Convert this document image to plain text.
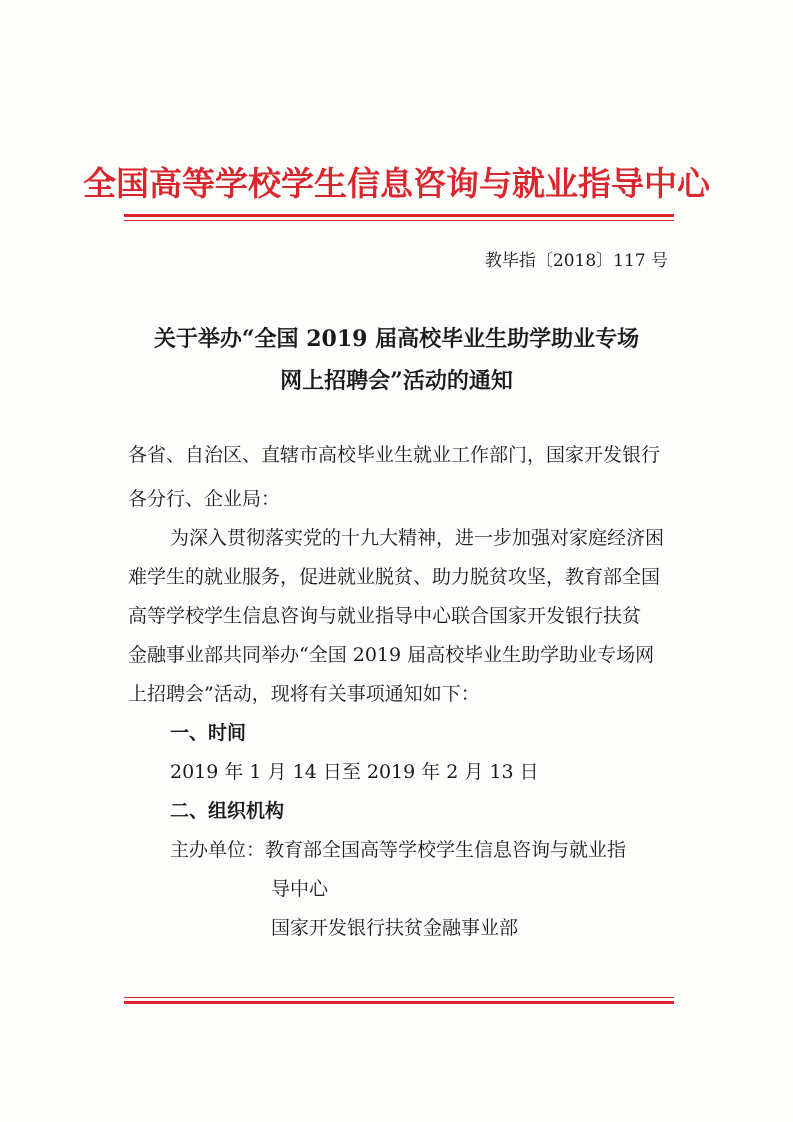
全国高等学校学生信息咨询与就业指导中心
教毕指〔2018〕117 号
关于举办“全国 2019 届高校毕业生助学助业专场
网上招聘会”活动的通知
各省、自治区、直辖市高校毕业生就业工作部门，国家开发银行
各分行、企业局：
为深入贯彻落实党的十九大精神，进一步加强对家庭经济困
难学生的就业服务，促进就业脱贫、助力脱贫攻坚，教育部全国
高等学校学生信息咨询与就业指导中心联合国家开发银行扶贫
金融事业部共同举办“全国 2019 届高校毕业生助学助业专场网
上招聘会”活动，现将有关事项通知如下：
一、时间
2019 年 1 月 14 日至 2019 年 2 月 13 日
二、组织机构
主办单位：教育部全国高等学校学生信息咨询与就业指
导中心
国家开发银行扶贫金融事业部
